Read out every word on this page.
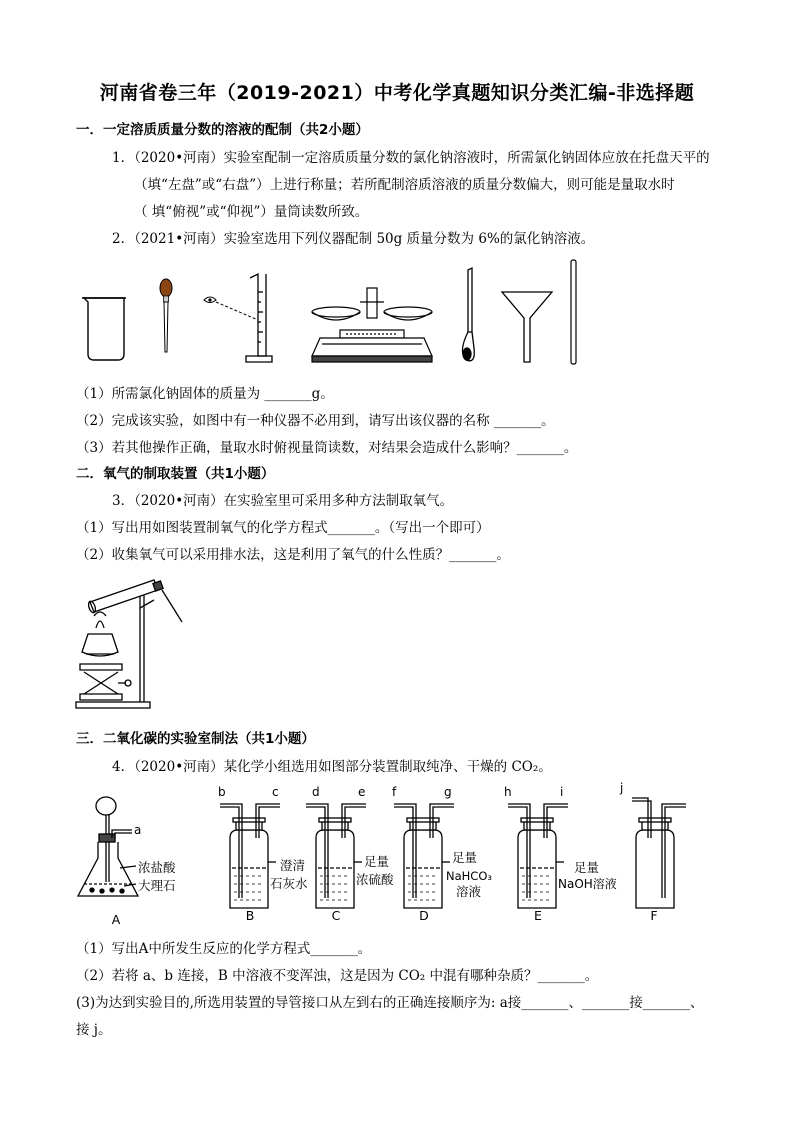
河南省卷三年（2019-2021）中考化学真题知识分类汇编-非选择题
一．一定溶质质量分数的溶液的配制（共2小题）
1．（2020•河南）实验室配制一定溶质质量分数的氯化钠溶液时，所需氯化钠固体应放在托盘天平的
（填“左盘”或“右盘”）上进行称量；若所配制溶质溶液的质量分数偏大，则可能是量取水时
（ 填“俯视”或“仰视”）量筒读数所致。
2．（2021•河南）实验室选用下列仪器配制 50g 质量分数为 6%的氯化钠溶液。
（1）所需氯化钠固体的质量为 _______g。
（2）完成该实验，如图中有一种仪器不必用到，请写出该仪器的名称 _______。
（3）若其他操作正确，量取水时俯视量筒读数，对结果会造成什么影响？_______。
二．氧气的制取装置（共1小题）
3．（2020•河南）在实验室里可采用多种方法制取氧气。
（1）写出用如图装置制氧气的化学方程式_______。（写出一个即可）
（2）收集氧气可以采用排水法，这是利用了氧气的什么性质？_______。
三．二氧化碳的实验室制法（共1小题）
4．（2020•河南）某化学小组选用如图部分装置制取纯净、干燥的 CO₂。
a
b	c	d	e f	g	h	i	j
浓盐酸
大理石
澄清
石灰水
足量
浓硫酸
足量
NaHCO₃
溶液
足量
NaOH溶液
A	B	C	D	E	F
（1）写出A中所发生反应的化学方程式_______。
（2）若将 a、b 连接，B 中溶液不变浑浊，这是因为 CO₂ 中混有哪种杂质？_______。
(3)为达到实验目的,所选用装置的导管接口从左到右的正确连接顺序为: a接_______、_______接_______、
接 j。
